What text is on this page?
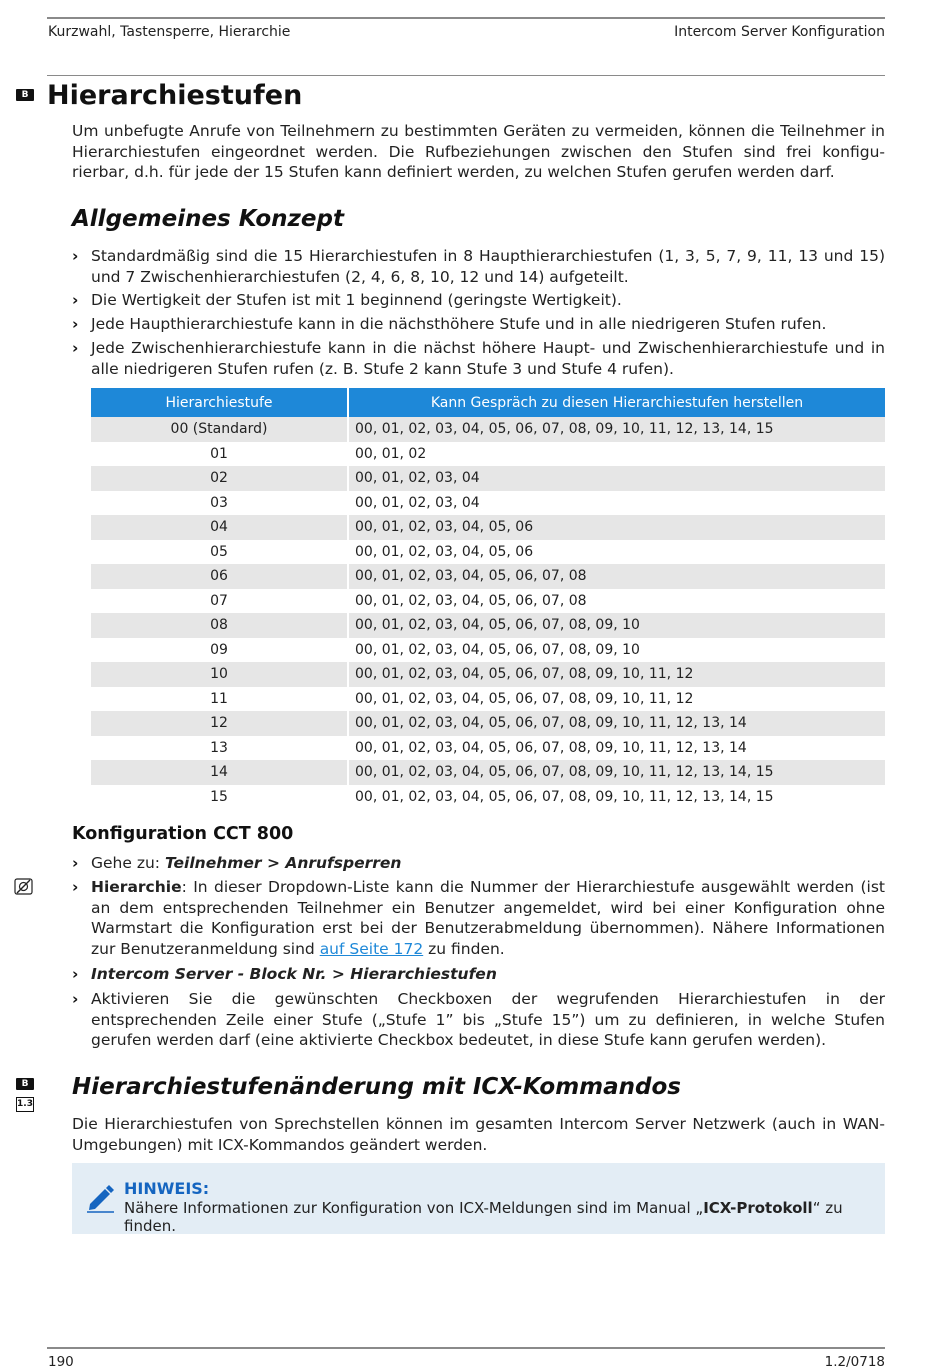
Kurzwahl, Tastensperre, Hierarchie	Intercom Server Konfiguration
B Hierarchiestufen
Um unbefugte Anrufe von Teilnehmern zu bestimmten Geräten zu vermeiden, können die Teilnehmer in Hierarchiestufen eingeordnet werden. Die Rufbeziehungen zwischen den Stufen sind frei konfigu-rierbar, d.h. für jede der 15 Stufen kann definiert werden, zu welchen Stufen gerufen werden darf.
Allgemeines Konzept
› Standardmäßig sind die 15 Hierarchiestufen in 8 Haupthierarchiestufen (1, 3, 5, 7, 9, 11, 13 und 15) und 7 Zwischenhierarchiestufen (2, 4, 6, 8, 10, 12 und 14) aufgeteilt.
› Die Wertigkeit der Stufen ist mit 1 beginnend (geringste Wertigkeit).
› Jede Haupthierarchiestufe kann in die nächsthöhere Stufe und in alle niedrigeren Stufen rufen.
› Jede Zwischenhierarchiestufe kann in die nächst höhere Haupt- und Zwischenhierarchiestufe und in alle niedrigeren Stufen rufen (z. B. Stufe 2 kann Stufe 3 und Stufe 4 rufen).
Hierarchiestufe	Kann Gespräch zu diesen Hierarchiestufen herstellen
00 (Standard)	00, 01, 02, 03, 04, 05, 06, 07, 08, 09, 10, 11, 12, 13, 14, 15
01	00, 01, 02
02	00, 01, 02, 03, 04
03	00, 01, 02, 03, 04
04	00, 01, 02, 03, 04, 05, 06
05	00, 01, 02, 03, 04, 05, 06
06	00, 01, 02, 03, 04, 05, 06, 07, 08
07	00, 01, 02, 03, 04, 05, 06, 07, 08
08	00, 01, 02, 03, 04, 05, 06, 07, 08, 09, 10
09	00, 01, 02, 03, 04, 05, 06, 07, 08, 09, 10
10	00, 01, 02, 03, 04, 05, 06, 07, 08, 09, 10, 11, 12
11	00, 01, 02, 03, 04, 05, 06, 07, 08, 09, 10, 11, 12
12	00, 01, 02, 03, 04, 05, 06, 07, 08, 09, 10, 11, 12, 13, 14
13	00, 01, 02, 03, 04, 05, 06, 07, 08, 09, 10, 11, 12, 13, 14
14	00, 01, 02, 03, 04, 05, 06, 07, 08, 09, 10, 11, 12, 13, 14, 15
15	00, 01, 02, 03, 04, 05, 06, 07, 08, 09, 10, 11, 12, 13, 14, 15
Konfiguration CCT 800
› Gehe zu: Teilnehmer > Anrufsperren
› Hierarchie: In dieser Dropdown-Liste kann die Nummer der Hierarchiestufe ausgewählt werden (ist an dem entsprechenden Teilnehmer ein Benutzer angemeldet, wird bei einer Konfiguration ohne Warmstart die Konfiguration erst bei der Benutzerabmeldung übernommen). Nähere Informationen zur Benutzeranmeldung sind auf Seite 172 zu finden.
› Intercom Server - Block Nr. > Hierarchiestufen
› Aktivieren Sie die gewünschten Checkboxen der wegrufenden Hierarchiestufen in der entsprechenden Zeile einer Stufe („Stufe 1” bis „Stufe 15”) um zu definieren, in welche Stufen gerufen werden darf (eine aktivierte Checkbox bedeutet, in diese Stufe kann gerufen werden).
B
1.3
Hierarchiestufenänderung mit ICX-Kommandos
Die Hierarchiestufen von Sprechstellen können im gesamten Intercom Server Netzwerk (auch in WAN-Umgebungen) mit ICX-Kommandos geändert werden.
HINWEIS:
Nähere Informationen zur Konfiguration von ICX-Meldungen sind im Manual „ICX-Protokoll“ zu finden.
190	1.2/0718
